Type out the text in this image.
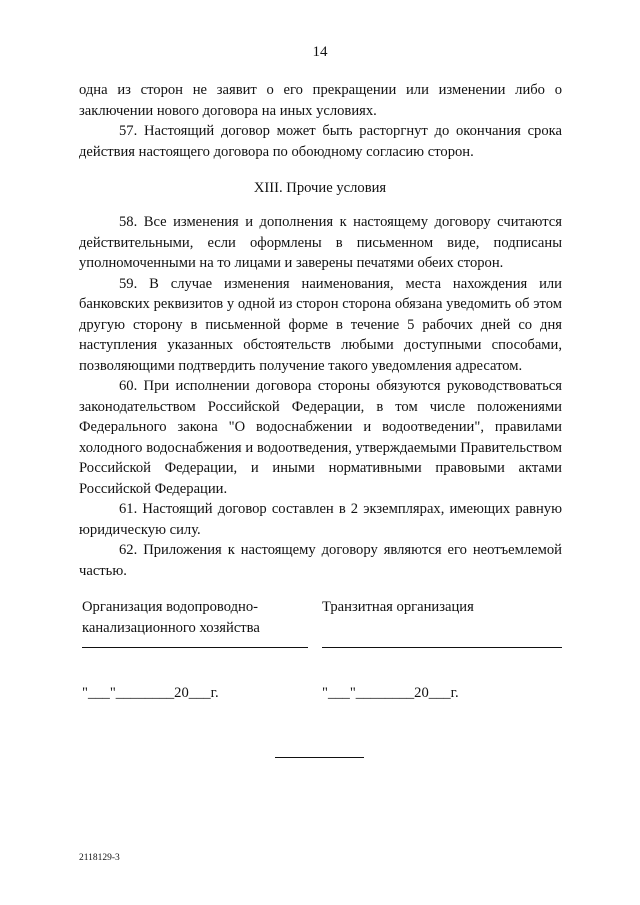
14

одна из сторон не заявит о его прекращении или изменении либо о заключении нового договора на иных условиях.

57. Настоящий договор может быть расторгнут до окончания срока действия настоящего договора по обоюдному согласию сторон.

XIII. Прочие условия

58. Все изменения и дополнения к настоящему договору считаются действительными, если оформлены в письменном виде, подписаны уполномоченными на то лицами и заверены печатями обеих сторон.

59. В случае изменения наименования, места нахождения или банковских реквизитов у одной из сторон сторона обязана уведомить об этом другую сторону в письменной форме в течение 5 рабочих дней со дня наступления указанных обстоятельств любыми доступными способами, позволяющими подтвердить получение такого уведомления адресатом.

60. При исполнении договора стороны обязуются руководствоваться законодательством Российской Федерации, в том числе положениями Федерального закона "О водоснабжении и водоотведении", правилами холодного водоснабжения и водоотведения, утверждаемыми Правительством Российской Федерации, и иными нормативными правовыми актами Российской Федерации.

61. Настоящий договор составлен в 2 экземплярах, имеющих равную юридическую силу.

62. Приложения к настоящему договору являются его неотъемлемой частью.

Организация водопроводно-канализационного хозяйства
Транзитная организация
"___"________20___г.	"___"________20___г.
2118129-3
